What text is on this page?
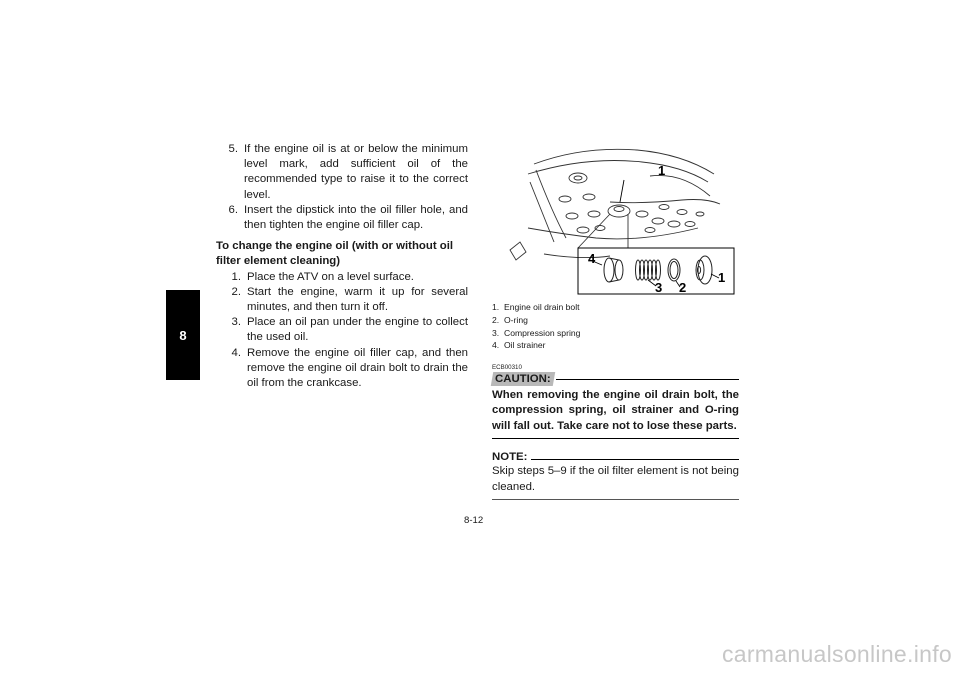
8
5. If the engine oil is at or below the minimum level mark, add sufficient oil of the recommended type to raise it to the correct level.
6. Insert the dipstick into the oil filler hole, and then tighten the engine oil filler cap.
To change the engine oil (with or without oil filter element cleaning)
1. Place the ATV on a level surface.
2. Start the engine, warm it up for several minutes, and then turn it off.
3. Place an oil pan under the engine to collect the used oil.
4. Remove the engine oil filler cap, and then remove the engine oil drain bolt to drain the oil from the crankcase.
4
3 2
1
1
1. Engine oil drain bolt
2. O-ring
3. Compression spring
4. Oil strainer
ECB00310
CAUTION:
When removing the engine oil drain bolt, the compression spring, oil strainer and O-ring will fall out. Take care not to lose these parts.
NOTE:
Skip steps 5–9 if the oil filter element is not being cleaned.
8-12
carmanualsonline.info
